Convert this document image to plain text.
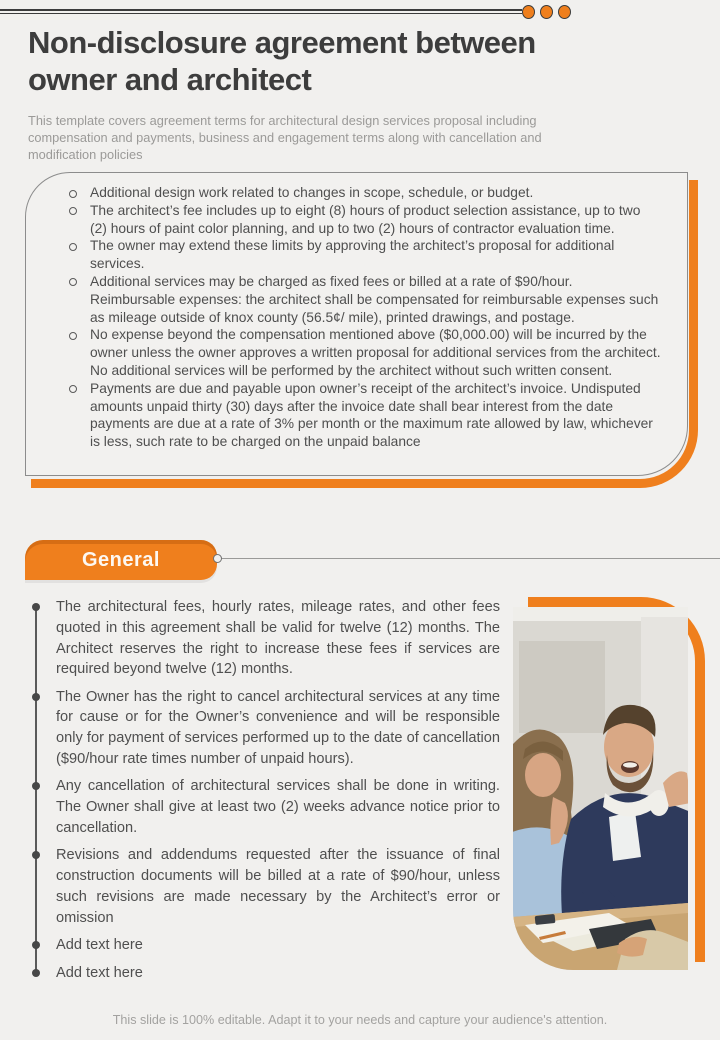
Non-disclosure agreement between owner and architect

This template covers agreement terms for architectural design services proposal including compensation and payments, business and engagement terms along with cancellation and modification policies

Additional design work related to changes in scope, schedule, or budget.
The architect’s fee includes up to eight (8) hours of product selection assistance, up to two (2) hours of paint color planning, and up to two (2) hours of contractor evaluation time.
The owner may extend these limits by approving the architect’s proposal for additional services.
Additional services may be charged as fixed fees or billed at a rate of $90/hour. Reimbursable expenses: the architect shall be compensated for reimbursable expenses such as mileage outside of knox county (56.5¢/ mile), printed drawings, and postage.
No expense beyond the compensation mentioned above ($0,000.00) will be incurred by the owner unless the owner approves a written proposal for additional services from the architect. No additional services will be performed by the architect without such written consent.
Payments are due and payable upon owner’s receipt of the architect’s invoice. Undisputed amounts unpaid thirty (30) days after the invoice date shall bear interest from the date payments are due at a rate of 3% per month or the maximum rate allowed by law, whichever is less, such rate to be charged on the unpaid balance
General
The architectural fees, hourly rates, mileage rates, and other fees quoted in this agreement shall be valid for twelve (12) months. The Architect reserves the right to increase these fees if services are required beyond twelve (12) months.
The Owner has the right to cancel architectural services at any time for cause or for the Owner’s convenience and will be responsible only for payment of services performed up to the date of cancellation ($90/hour rate times number of unpaid hours).
Any cancellation of architectural services shall be done in writing. The Owner shall give at least two (2) weeks advance notice prior to cancellation.
Revisions and addendums requested after the issuance of final construction documents will be billed at a rate of $90/hour, unless such revisions are made necessary by the Architect’s error or omission
Add text here
Add text here

This slide is 100% editable. Adapt it to your needs and capture your audience's attention.
